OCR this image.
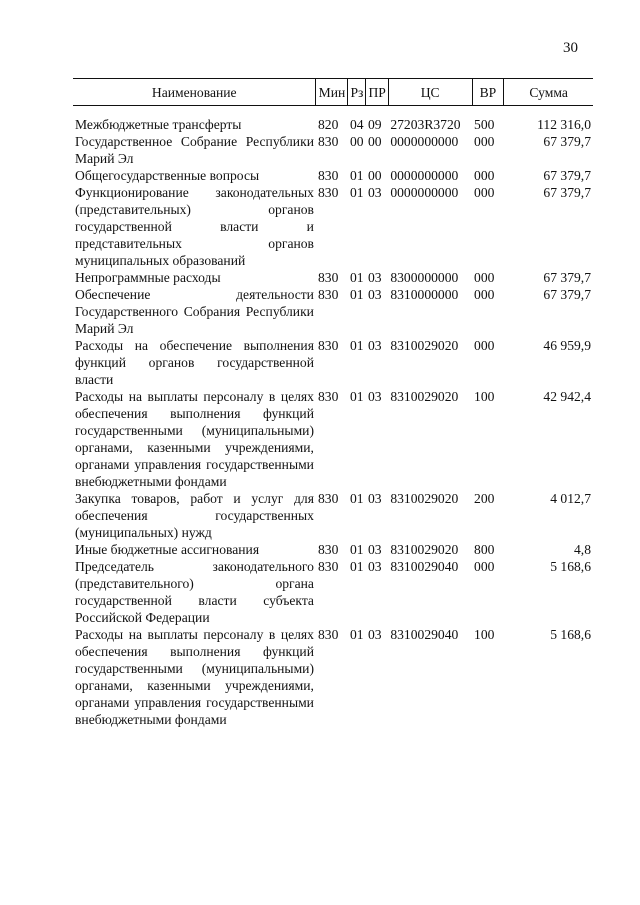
30
Наименование	Мин	Рз	ПР	ЦС	ВР	Сумма
Межбюджетные трансферты	820	04	09	27203R3720	500	112 316,0
Государственное Собрание Республики Марий Эл	830	00	00	0000000000	000	67 379,7
Общегосударственные вопросы	830	01	00	0000000000	000	67 379,7
Функционирование законодательных (представительных) органов государственной власти и представительных органов муниципальных образований	830	01	03	0000000000	000	67 379,7
Непрограммные расходы	830	01	03	8300000000	000	67 379,7
Обеспечение деятельности Государственного Собрания Республики Марий Эл	830	01	03	8310000000	000	67 379,7
Расходы на обеспечение выполнения функций органов государственной власти	830	01	03	8310029020	000	46 959,9
Расходы на выплаты персоналу в целях обеспечения выполнения функций государственными (муниципальными) органами, казенными учреждениями, органами управления государственными внебюджетными фондами	830	01	03	8310029020	100	42 942,4
Закупка товаров, работ и услуг для обеспечения государственных (муниципальных) нужд	830	01	03	8310029020	200	4 012,7
Иные бюджетные ассигнования	830	01	03	8310029020	800	4,8
Председатель законодательного (представительного) органа государственной власти субъекта Российской Федерации	830	01	03	8310029040	000	5 168,6
Расходы на выплаты персоналу в целях обеспечения выполнения функций государственными (муниципальными) органами, казенными учреждениями, органами управления государственными внебюджетными фондами	830	01	03	8310029040	100	5 168,6
